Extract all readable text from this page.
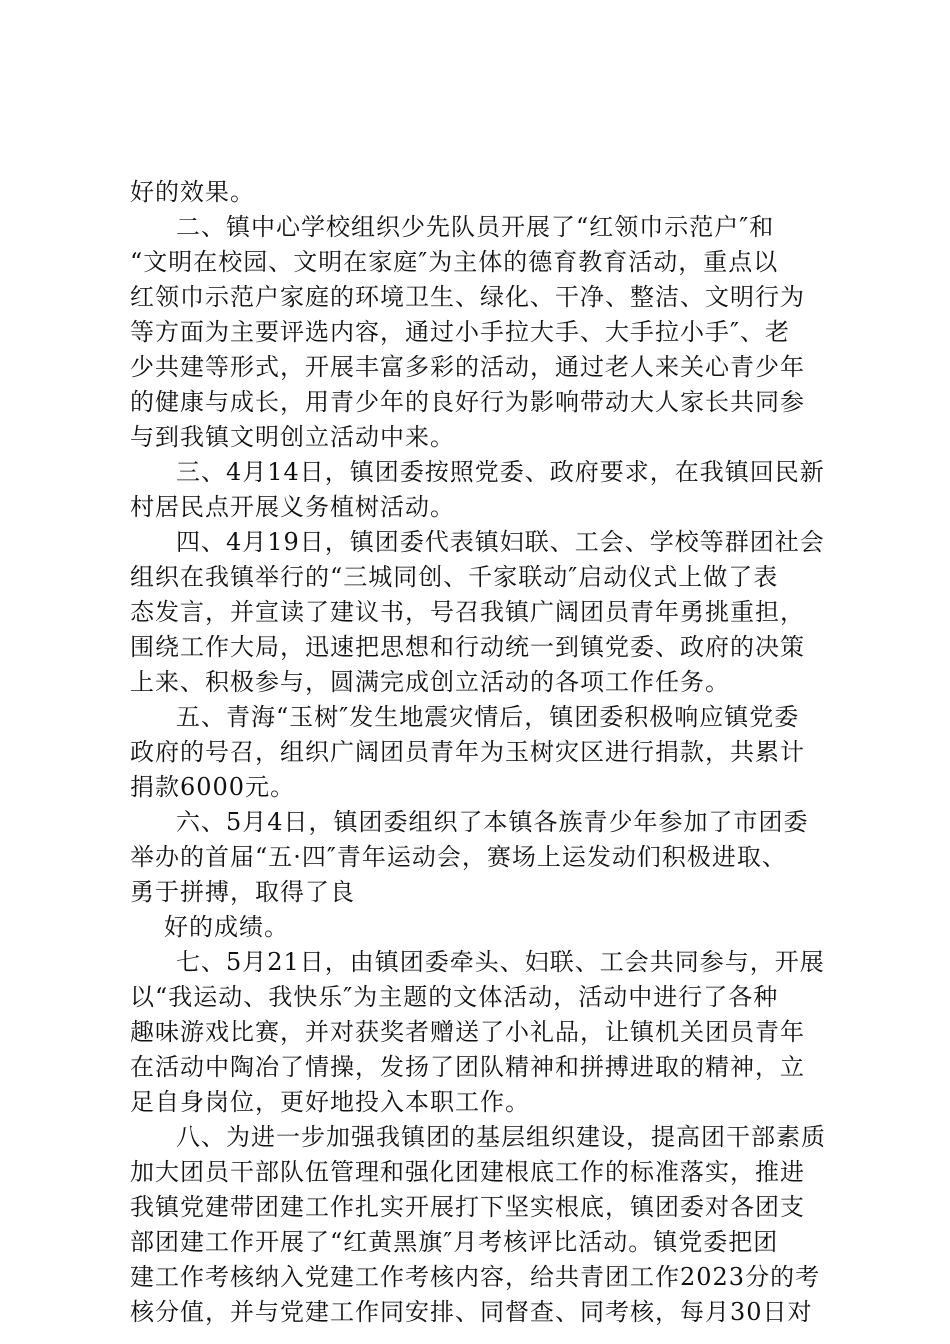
好的效果。
二、镇中心学校组织少先队员开展了“红领巾示范户″和
“文明在校园、文明在家庭″为主体的德育教育活动，重点以
红领巾示范户家庭的环境卫生、绿化、干净、整洁、文明行为
等方面为主要评选内容，通过小手拉大手、大手拉小手″、老
少共建等形式，开展丰富多彩的活动，通过老人来关心青少年
的健康与成长，用青少年的良好行为影响带动大人家长共同参
与到我镇文明创立活动中来。
三、4月14日，镇团委按照党委、政府要求，在我镇回民新
村居民点开展义务植树活动。
四、4月19日，镇团委代表镇妇联、工会、学校等群团社会
组织在我镇举行的“三城同创、千家联动″启动仪式上做了表
态发言，并宣读了建议书，号召我镇广阔团员青年勇挑重担，
围绕工作大局，迅速把思想和行动统一到镇党委、政府的决策
上来、积极参与，圆满完成创立活动的各项工作任务。
五、青海“玉树″发生地震灾情后，镇团委积极响应镇党委
政府的号召，组织广阔团员青年为玉树灾区进行捐款，共累计
捐款6000元。
六、5月4日，镇团委组织了本镇各族青少年参加了市团委
举办的首届“五·四″青年运动会，赛场上运发动们积极进取、
勇于拼搏，取得了良
好的成绩。
七、5月21日，由镇团委牵头、妇联、工会共同参与，开展
以“我运动、我快乐″为主题的文体活动，活动中进行了各种
趣味游戏比赛，并对获奖者赠送了小礼品，让镇机关团员青年
在活动中陶冶了情操，发扬了团队精神和拼搏进取的精神，立
足自身岗位，更好地投入本职工作。
八、为进一步加强我镇团的基层组织建设，提高团干部素质
加大团员干部队伍管理和强化团建根底工作的标准落实，推进
我镇党建带团建工作扎实开展打下坚实根底，镇团委对各团支
部团建工作开展了“红黄黑旗″月考核评比活动。镇党委把团
建工作考核纳入党建工作考核内容，给共青团工作2023分的考
核分值，并与党建工作同安排、同督查、同考核，每月30日对
